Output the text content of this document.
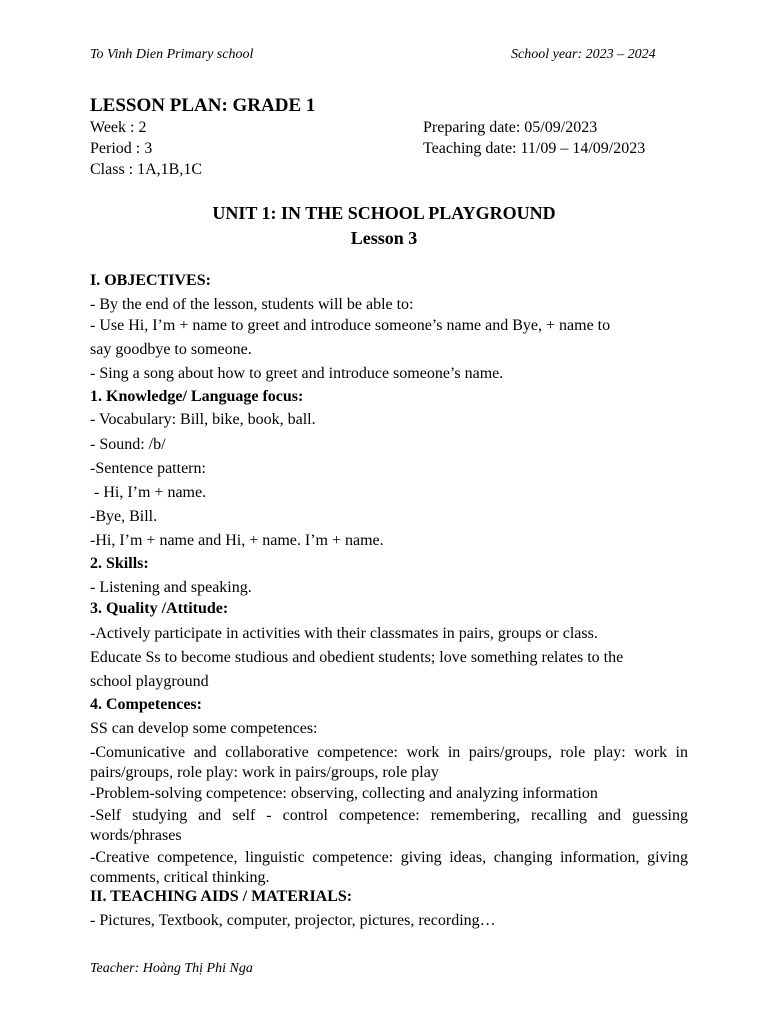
To Vinh Dien Primary school	School year: 2023 – 2024
LESSON PLAN: GRADE 1
Week : 2
Period : 3
Class : 1A,1B,1C
Preparing date: 05/09/2023
Teaching date: 11/09 – 14/09/2023
UNIT 1: IN THE SCHOOL PLAYGROUND
Lesson 3
I. OBJECTIVES:
- By the end of the lesson, students will be able to:
- Use Hi, I’m + name to greet and introduce someone’s name and Bye, + name to
say goodbye to someone.
- Sing a song about how to greet and introduce someone’s name.
1. Knowledge/ Language focus:
- Vocabulary: Bill, bike, book, ball.
- Sound: /b/
-Sentence pattern:
- Hi, I’m + name.
-Bye, Bill.
-Hi, I’m + name and Hi, + name. I’m + name.
2. Skills:
- Listening and speaking.
3. Quality /Attitude:
-Actively participate in activities with their classmates in pairs, groups or class.
Educate Ss to become studious and obedient students; love something relates to the
school playground
4. Competences:
SS can develop some competences:
-Comunicative and collaborative competence: work in pairs/groups, role play: work in pairs/groups, role play: work in pairs/groups, role play
-Problem-solving competence: observing, collecting and analyzing information
-Self studying and self - control competence: remembering, recalling and guessing words/phrases
-Creative competence, linguistic competence: giving ideas, changing information, giving comments, critical thinking.
II. TEACHING AIDS / MATERIALS:
- Pictures, Textbook, computer, projector, pictures, recording…
Teacher: Hoàng Thị Phi Nga
